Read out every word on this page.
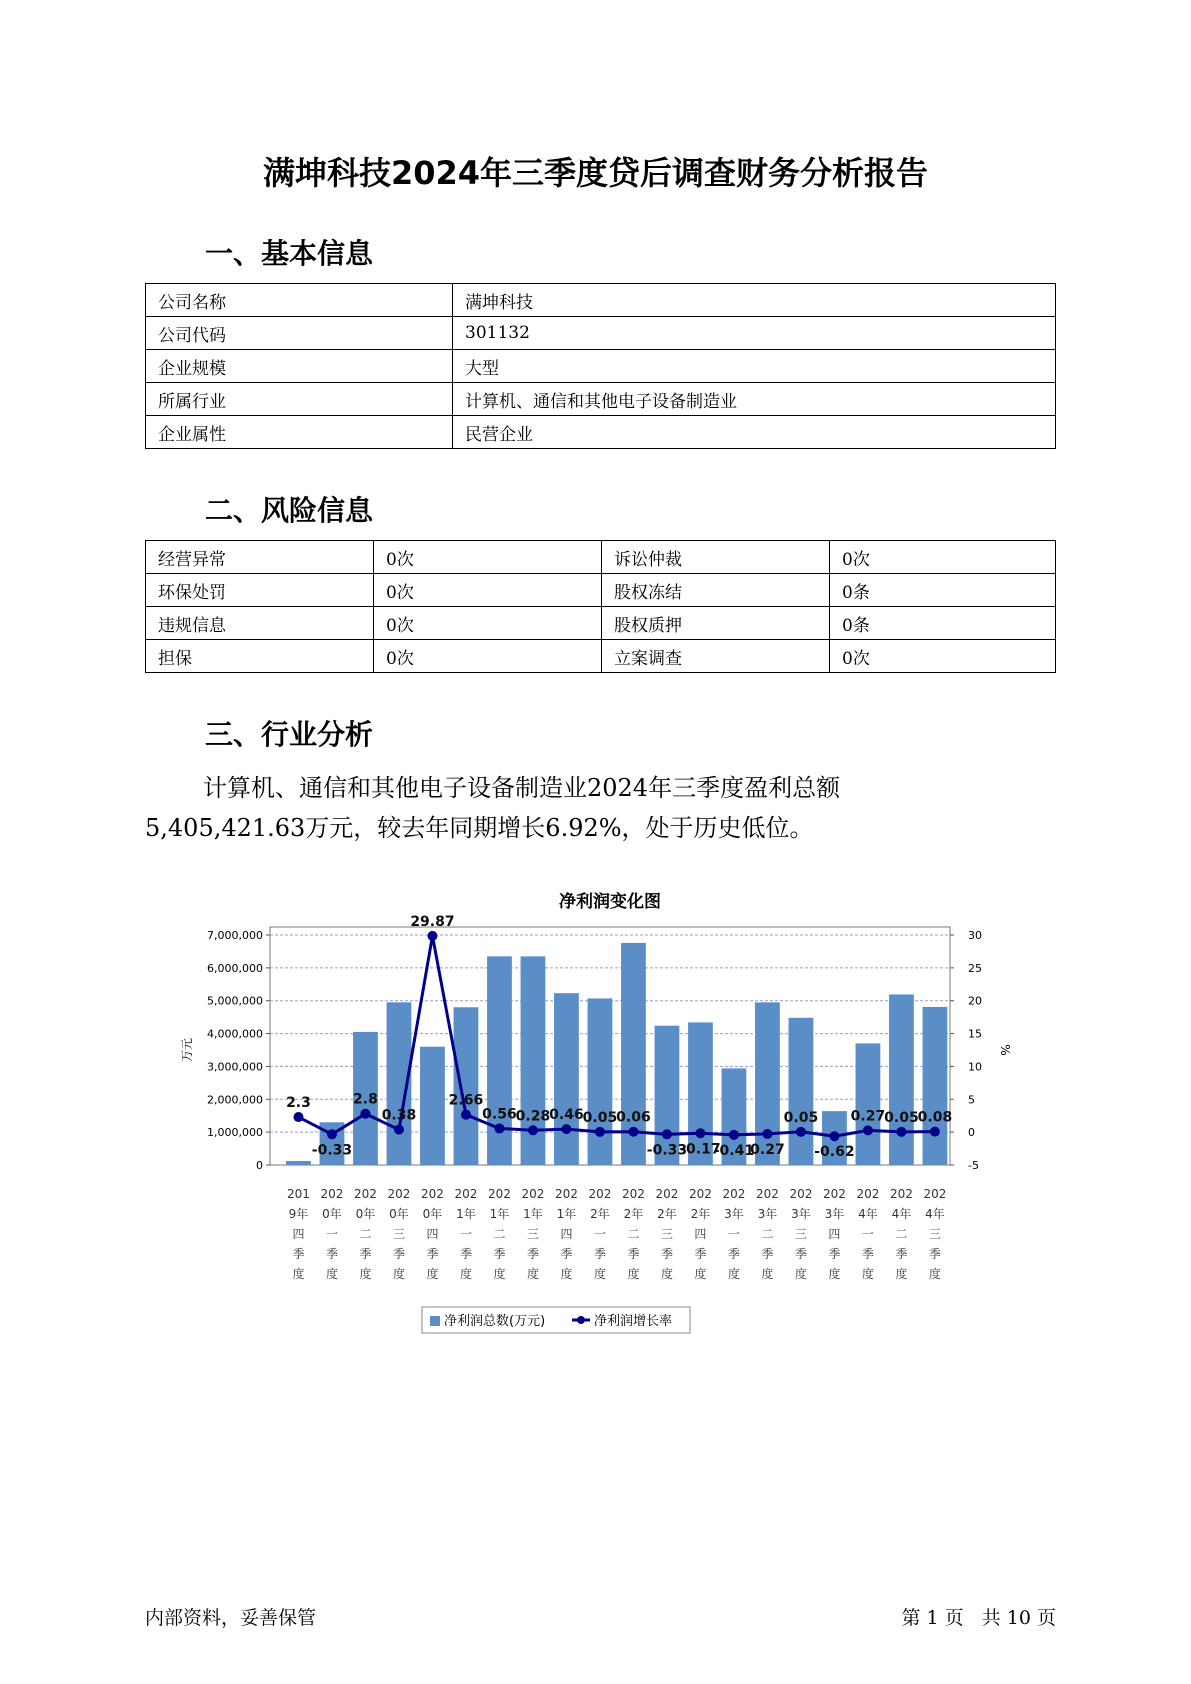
满坤科技2024年三季度贷后调查财务分析报告
一、基本信息
公司名称	满坤科技
公司代码	301132
企业规模	大型
所属行业	计算机、通信和其他电子设备制造业
企业属性	民营企业
二、风险信息
经营异常	0次	诉讼仲裁	0次
环保处罚	0次	股权冻结	0条
违规信息	0次	股权质押	0条
担保	0次	立案调查	0次
三、行业分析
计算机、通信和其他电子设备制造业2024年三季度盈利总额
5,405,421.63万元，较去年同期增长6.92%，处于历史低位。
净利润变化图
0
1,000,000
2,000,000
3,000,000
4,000,000
5,000,000
6,000,000
7,000,000
-5
0
5
10
15
20
25
30
万元	%
2.3
-0.33
2.8
0.38
29.87
2.66
0.56
0.28
0.46
0.05
0.06
-0.33
-0.17
-0.41
0.27
0.05
-0.62
0.27
0.05
0.08
201 9年四季度
202 0年一季度
202 0年二季度
202 0年三季度
202 0年四季度
202 1年一季度
202 1年二季度
202 1年三季度
202 1年四季度
202 2年一季度
202 2年二季度
202 2年三季度
202 2年四季度
202 3年一季度
202 3年二季度
202 3年三季度
202 3年四季度
202 4年一季度
202 4年二季度
202 4年三季度
净利润总数(万元)	净利润增长率
内部资料，妥善保管	第 1 页   共 10 页
